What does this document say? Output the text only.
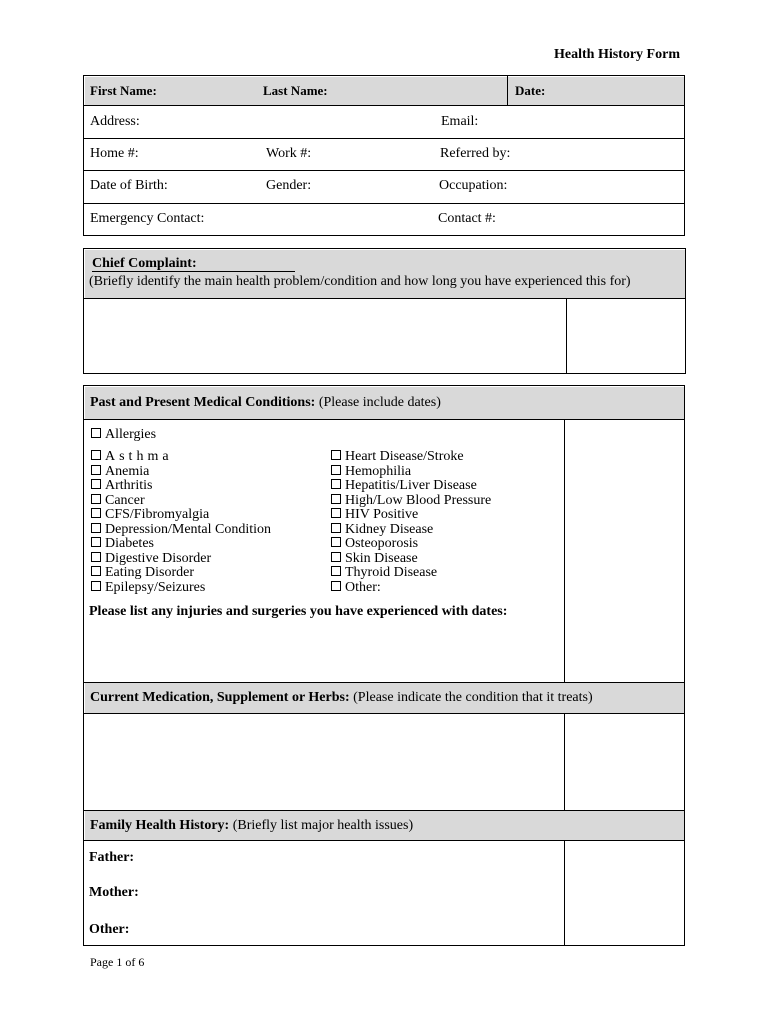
Health History Form
First Name:	Last Name:	Date:
Address:	Email:
Home #:	Work #:	Referred by:
Date of Birth:	Gender:	Occupation:
Emergency Contact:	Contact #:
Chief Complaint:
(Briefly identify the main health problem/condition and how long you have experienced this for)
Past and Present Medical Conditions: (Please include dates)
Allergies
Asthma
Anemia
Arthritis
Cancer
CFS/Fibromyalgia
Depression/Mental Condition
Diabetes
Digestive Disorder
Eating Disorder
Epilepsy/Seizures
Heart Disease/Stroke
Hemophilia
Hepatitis/Liver Disease
High/Low Blood Pressure
HIV Positive
Kidney Disease
Osteoporosis
Skin Disease
Thyroid Disease
Other:
Please list any injuries and surgeries you have experienced with dates:
Current Medication, Supplement or Herbs: (Please indicate the condition that it treats)
Family Health History: (Briefly list major health issues)
Father:
Mother:
Other:
Page 1 of 6
